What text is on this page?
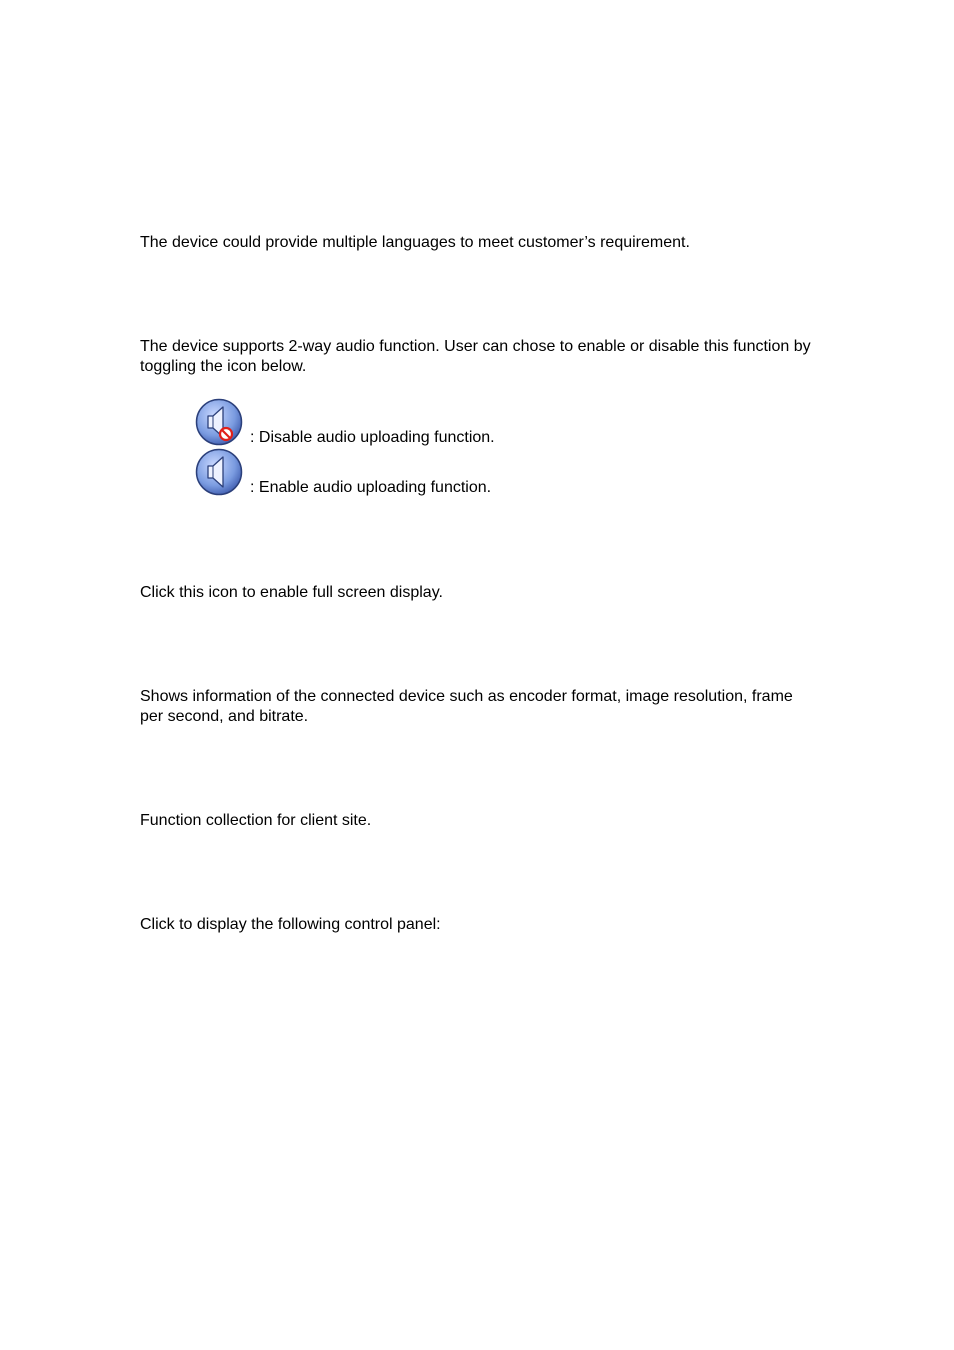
The device could provide multiple languages to meet customer’s requirement.

The device supports 2-way audio function. User can chose to enable or disable this function by toggling the icon below.

: Disable audio uploading function.
: Enable audio uploading function.

Click this icon to enable full screen display.

Shows information of the connected device such as encoder format, image resolution, frame per second, and bitrate.

Function collection for client site.

Click to display the following control panel:
